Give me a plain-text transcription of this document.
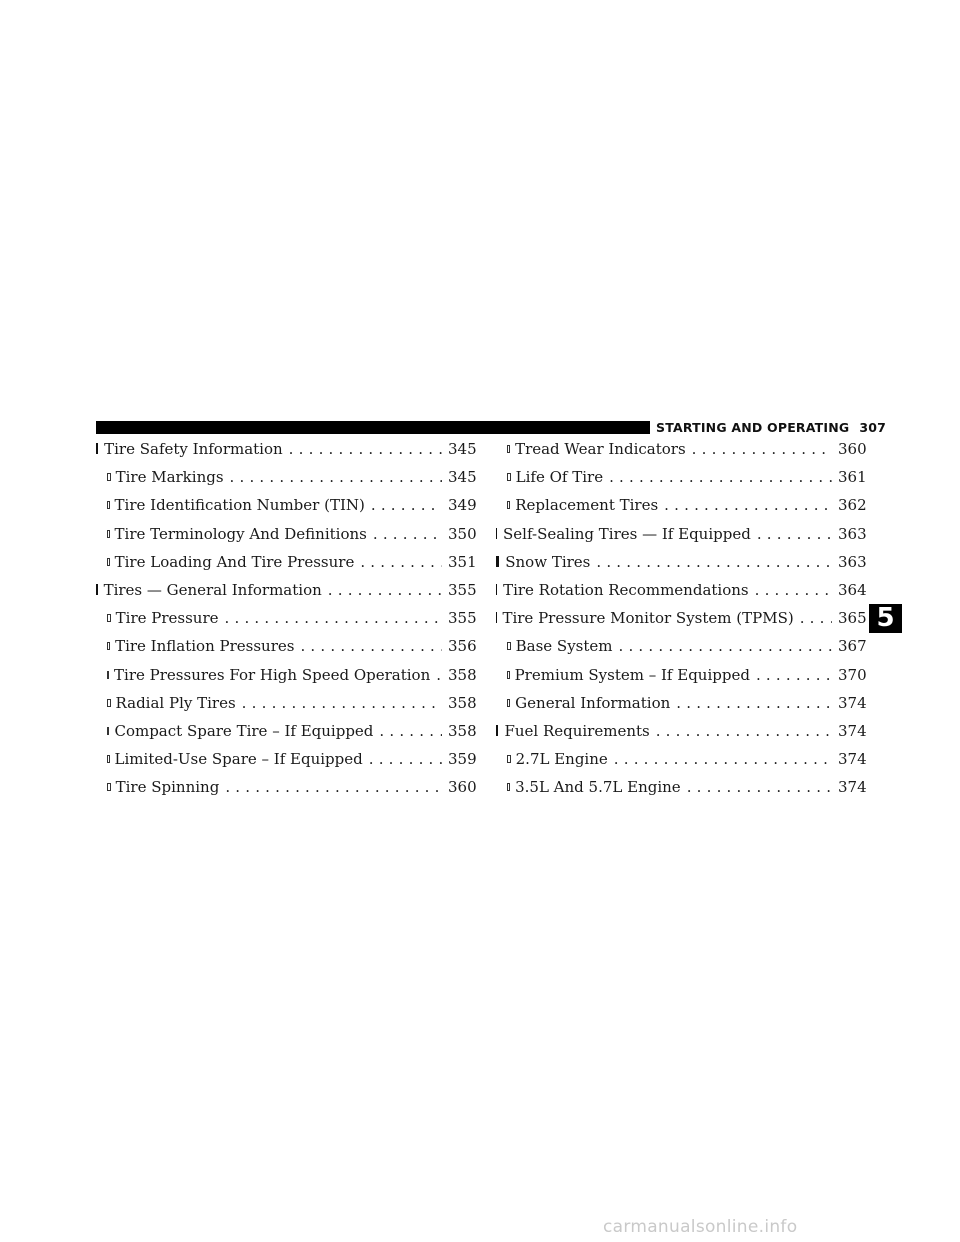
STARTING AND OPERATING 307
Tire Safety Information .....	345
Tire Markings .....	345
Tire Identification Number (TIN) .....	349
Tire Terminology And Definitions .....	350
Tire Loading And Tire Pressure .....	351
Tires — General Information .....	355
Tire Pressure .....	355
Tire Inflation Pressures .....	356
Tire Pressures For High Speed Operation ..... 358
Radial Ply Tires .....	358
Compact Spare Tire – If Equipped .....	358
Limited-Use Spare – If Equipped .....	359
Tire Spinning .....	360
Tread Wear Indicators .....	360
Life Of Tire .....	361
Replacement Tires .....	362
Self-Sealing Tires — If Equipped .....	363
Snow Tires .....	363
Tire Rotation Recommendations .....	364
Tire Pressure Monitor System (TPMS) .....	365
Base System .....	367
Premium System – If Equipped .....	370
General Information .....	374
Fuel Requirements .....	374
2.7L Engine .....	374
3.5L And 5.7L Engine .....	374
5
carmanualsonline.info
